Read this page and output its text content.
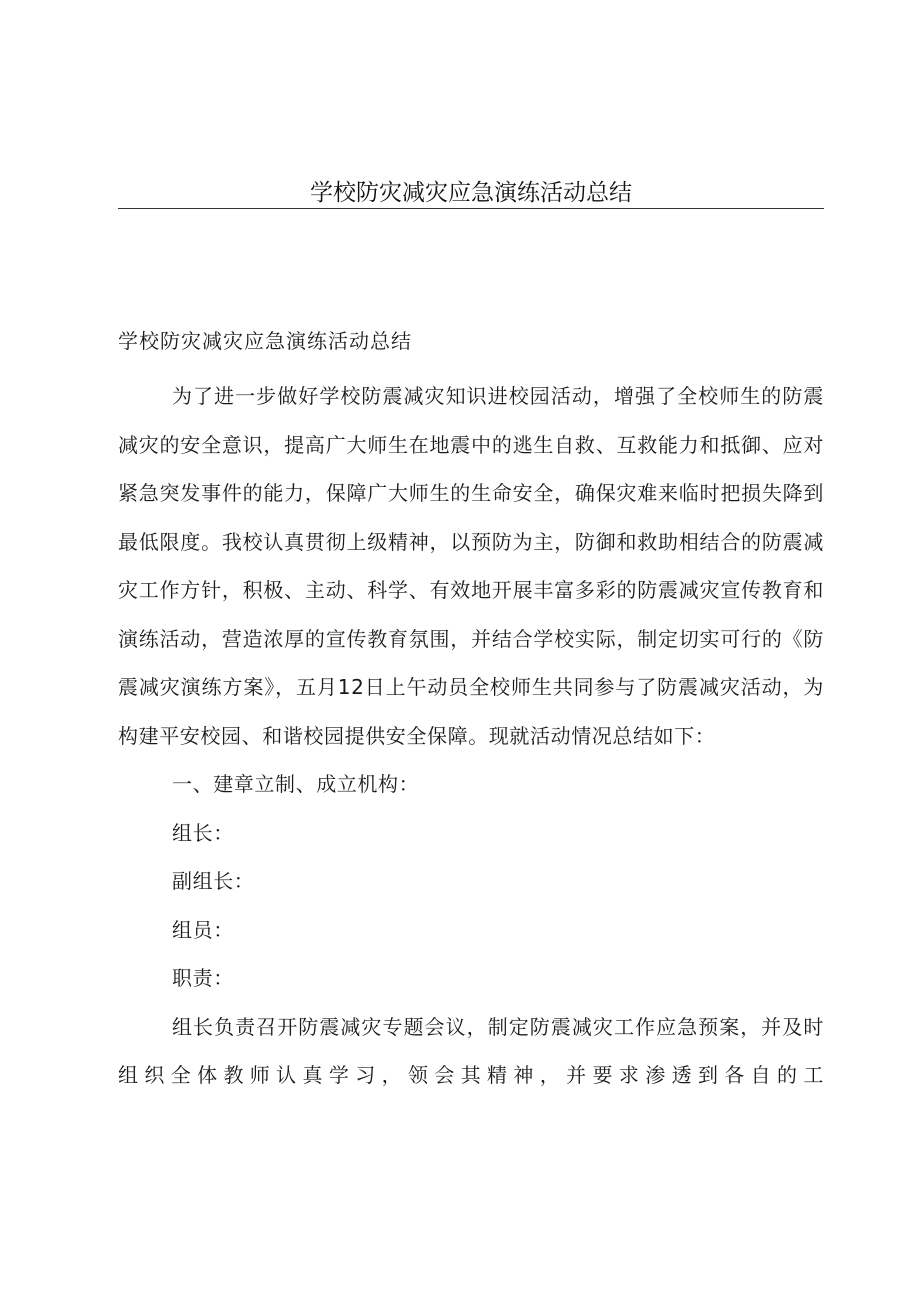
学校防灾减灾应急演练活动总结
学校防灾减灾应急演练活动总结

为了进一步做好学校防震减灾知识进校园活动，增强了全校师生的防震减灾的安全意识，提高广大师生在地震中的逃生自救、互救能力和抵御、应对紧急突发事件的能力，保障广大师生的生命安全，确保灾难来临时把损失降到最低限度。我校认真贯彻上级精神，以预防为主，防御和救助相结合的防震减灾工作方针，积极、主动、科学、有效地开展丰富多彩的防震减灾宣传教育和演练活动，营造浓厚的宣传教育氛围，并结合学校实际，制定切实可行的《防震减灾演练方案》，五月12日上午动员全校师生共同参与了防震减灾活动，为构建平安校园、和谐校园提供安全保障。现就活动情况总结如下：

一、建章立制、成立机构：

组长：

副组长：

组员：

职责：

组长负责召开防震减灾专题会议，制定防震减灾工作应急预案，并及时组织全体教师认真学习，领会其精神，并要求渗透到各自的工
